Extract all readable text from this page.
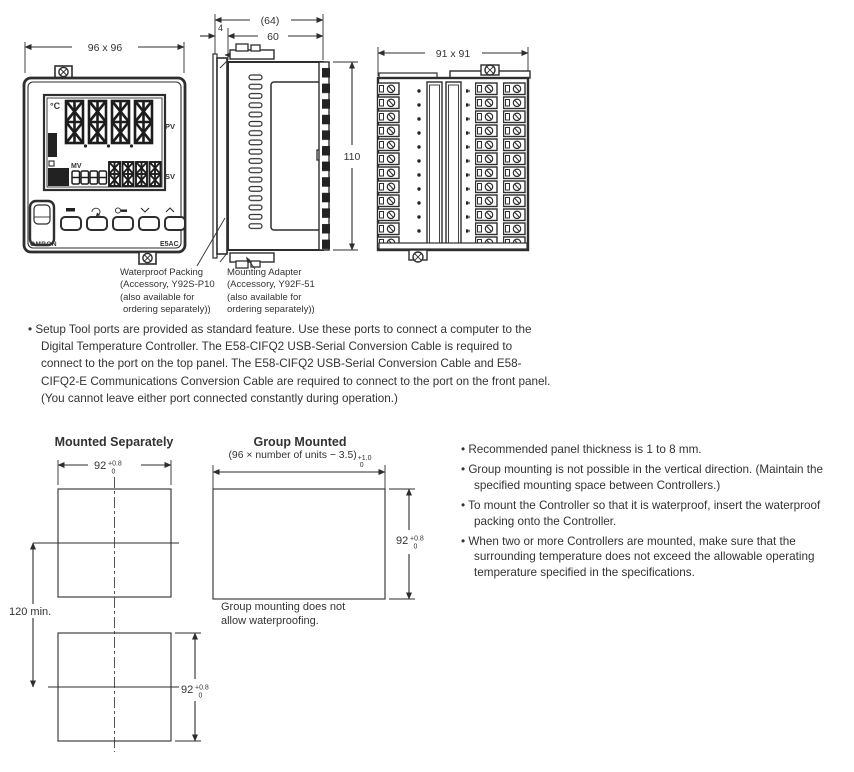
96 x 96
°C
PV
MV
SV
OMRON	E5AC
(64)
60
4
110
91 x 91
Waterproof Packing
(Accessory, Y92S-P10
(also available for
ordering separately))
Mounting Adapter
(Accessory, Y92F-51
(also available for
ordering separately))
• Setup Tool ports are provided as standard feature. Use these ports to connect a computer to the Digital Temperature Controller. The E58-CIFQ2 USB-Serial Conversion Cable is required to connect to the port on the top panel. The E58-CIFQ2 USB-Serial Conversion Cable and E58-CIFQ2-E Communications Conversion Cable are required to connect to the port on the front panel. (You cannot leave either port connected constantly during operation.)
Mounted Separately
92 +0.8
0
120 min.
92 +0.8
0
Group Mounted
(96 × number of units − 3.5) +1.0
0
92 +0.8
0
Group mounting does not allow waterproofing.
• Recommended panel thickness is 1 to 8 mm.
• Group mounting is not possible in the vertical direction. (Maintain the specified mounting space between Controllers.)
• To mount the Controller so that it is waterproof, insert the waterproof packing onto the Controller.
• When two or more Controllers are mounted, make sure that the surrounding temperature does not exceed the allowable operating temperature specified in the specifications.
